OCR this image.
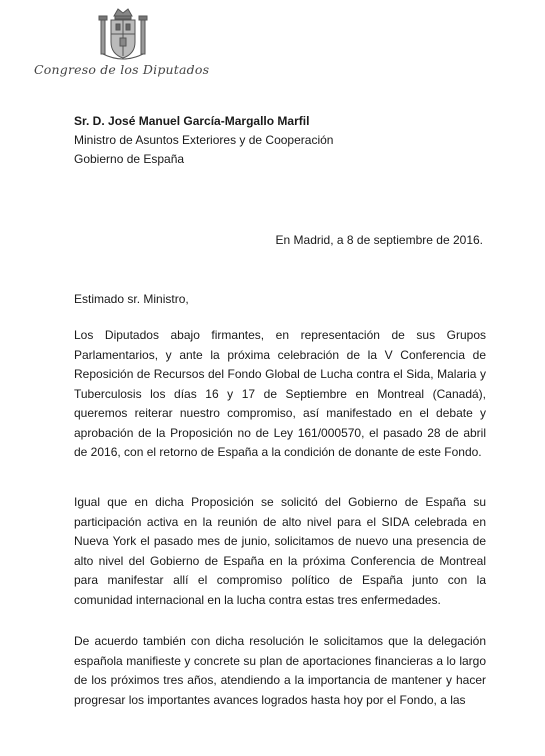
Congreso de los Diputados
Sr. D. José Manuel García-Margallo Marfil
Ministro de Asuntos Exteriores y de Cooperación
Gobierno de España
En Madrid, a 8 de septiembre de 2016.
Estimado sr. Ministro,

Los Diputados abajo firmantes, en representación de sus Grupos Parlamentarios, y ante la próxima celebración de la V Conferencia de Reposición de Recursos del Fondo Global de Lucha contra el Sida, Malaria y Tuberculosis los días 16 y 17 de Septiembre en Montreal (Canadá), queremos reiterar nuestro compromiso, así manifestado en el debate y aprobación de la Proposición no de Ley 161/000570, el pasado 28 de abril de 2016, con el retorno de España a la condición de donante de este Fondo.

Igual que en dicha Proposición se solicitó del Gobierno de España su participación activa en la reunión de alto nivel para el SIDA celebrada en Nueva York el pasado mes de junio, solicitamos de nuevo una presencia de alto nivel del Gobierno de España en la próxima Conferencia de Montreal para manifestar allí el compromiso político de España junto con la comunidad internacional en la lucha contra estas tres enfermedades.

De acuerdo también con dicha resolución le solicitamos que la delegación española manifieste y concrete su plan de aportaciones financieras a lo largo de los próximos tres años, atendiendo a la importancia de mantener y hacer progresar los importantes avances logrados hasta hoy por el Fondo, a las
